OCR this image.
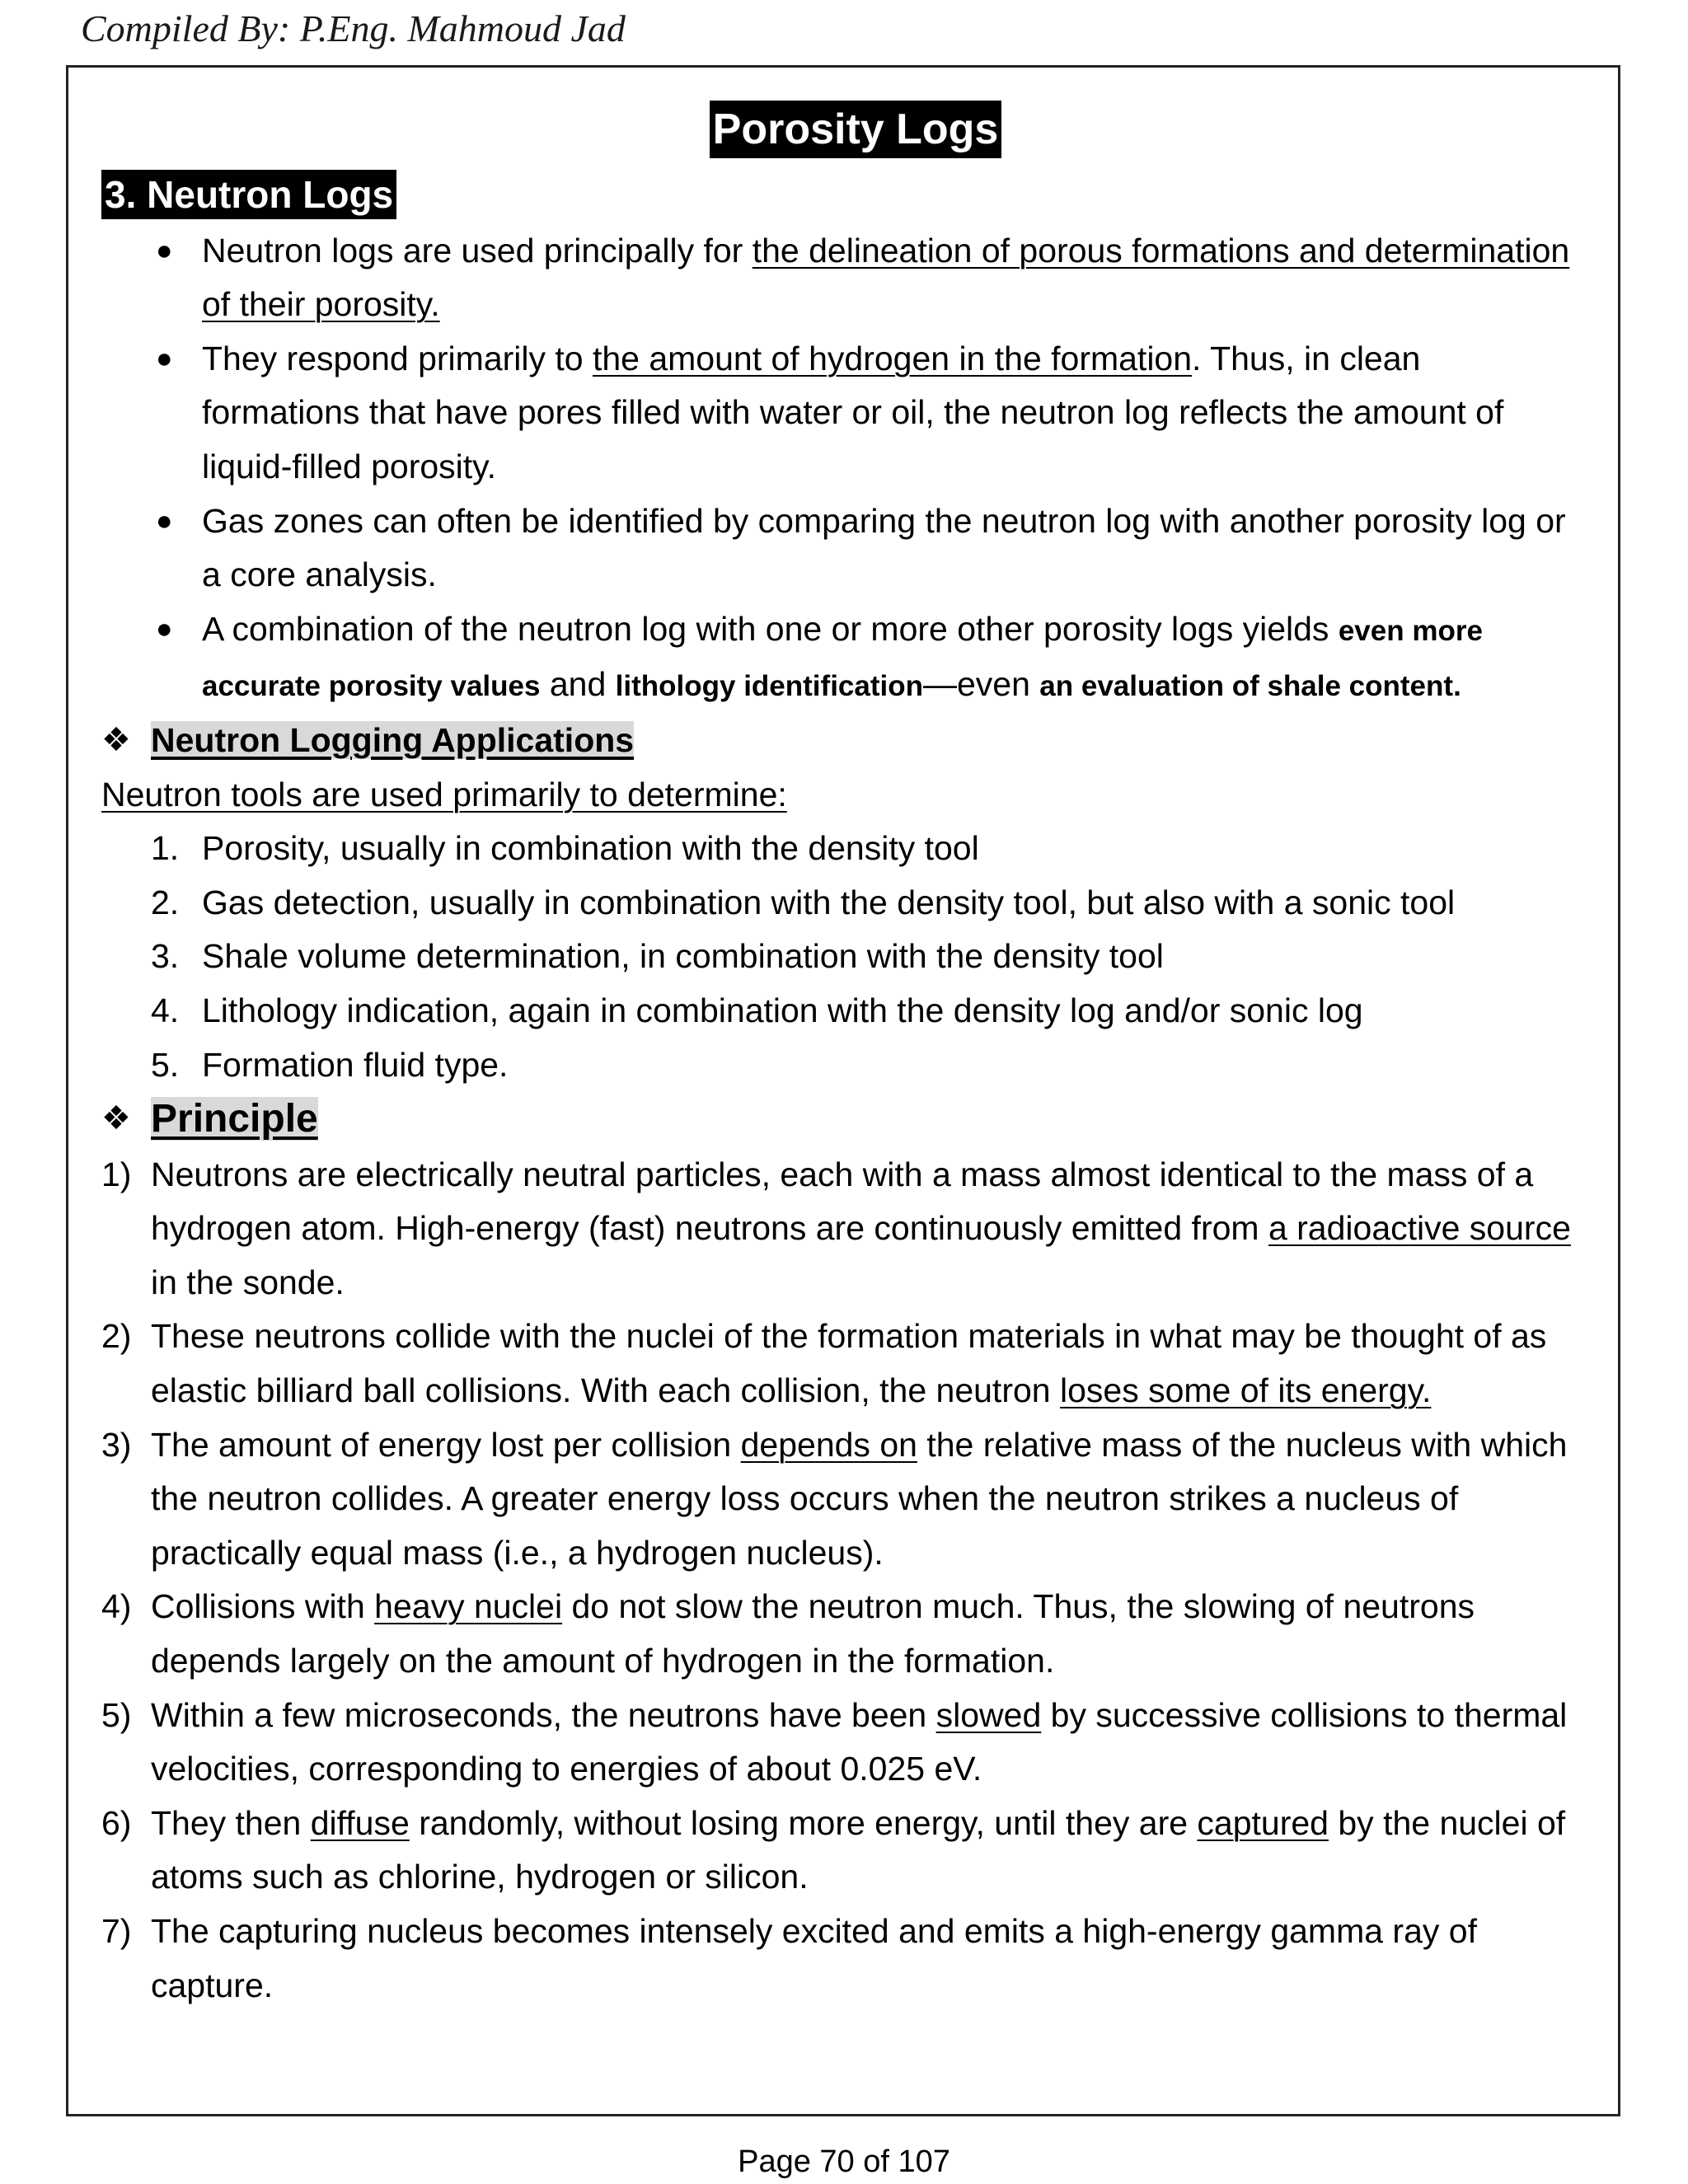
Compiled By: P.Eng. Mahmoud Jad
Porosity Logs
3. Neutron Logs
● Neutron logs are used principally for the delineation of porous formations and determination of their porosity.
● They respond primarily to the amount of hydrogen in the formation. Thus, in clean formations that have pores filled with water or oil, the neutron log reflects the amount of liquid-filled porosity.
● Gas zones can often be identified by comparing the neutron log with another porosity log or a core analysis.
● A combination of the neutron log with one or more other porosity logs yields even more accurate porosity values and lithology identification—even an evaluation of shale content.
❖ Neutron Logging Applications
Neutron tools are used primarily to determine:
1. Porosity, usually in combination with the density tool
2. Gas detection, usually in combination with the density tool, but also with a sonic tool
3. Shale volume determination, in combination with the density tool
4. Lithology indication, again in combination with the density log and/or sonic log
5. Formation fluid type.
❖ Principle
1) Neutrons are electrically neutral particles, each with a mass almost identical to the mass of a hydrogen atom. High-energy (fast) neutrons are continuously emitted from a radioactive source in the sonde.
2) These neutrons collide with the nuclei of the formation materials in what may be thought of as elastic billiard ball collisions. With each collision, the neutron loses some of its energy.
3) The amount of energy lost per collision depends on the relative mass of the nucleus with which the neutron collides. A greater energy loss occurs when the neutron strikes a nucleus of practically equal mass (i.e., a hydrogen nucleus).
4) Collisions with heavy nuclei do not slow the neutron much. Thus, the slowing of neutrons depends largely on the amount of hydrogen in the formation.
5) Within a few microseconds, the neutrons have been slowed by successive collisions to thermal velocities, corresponding to energies of about 0.025 eV.
6) They then diffuse randomly, without losing more energy, until they are captured by the nuclei of atoms such as chlorine, hydrogen or silicon.
7) The capturing nucleus becomes intensely excited and emits a high-energy gamma ray of capture.
Page 70 of 107
